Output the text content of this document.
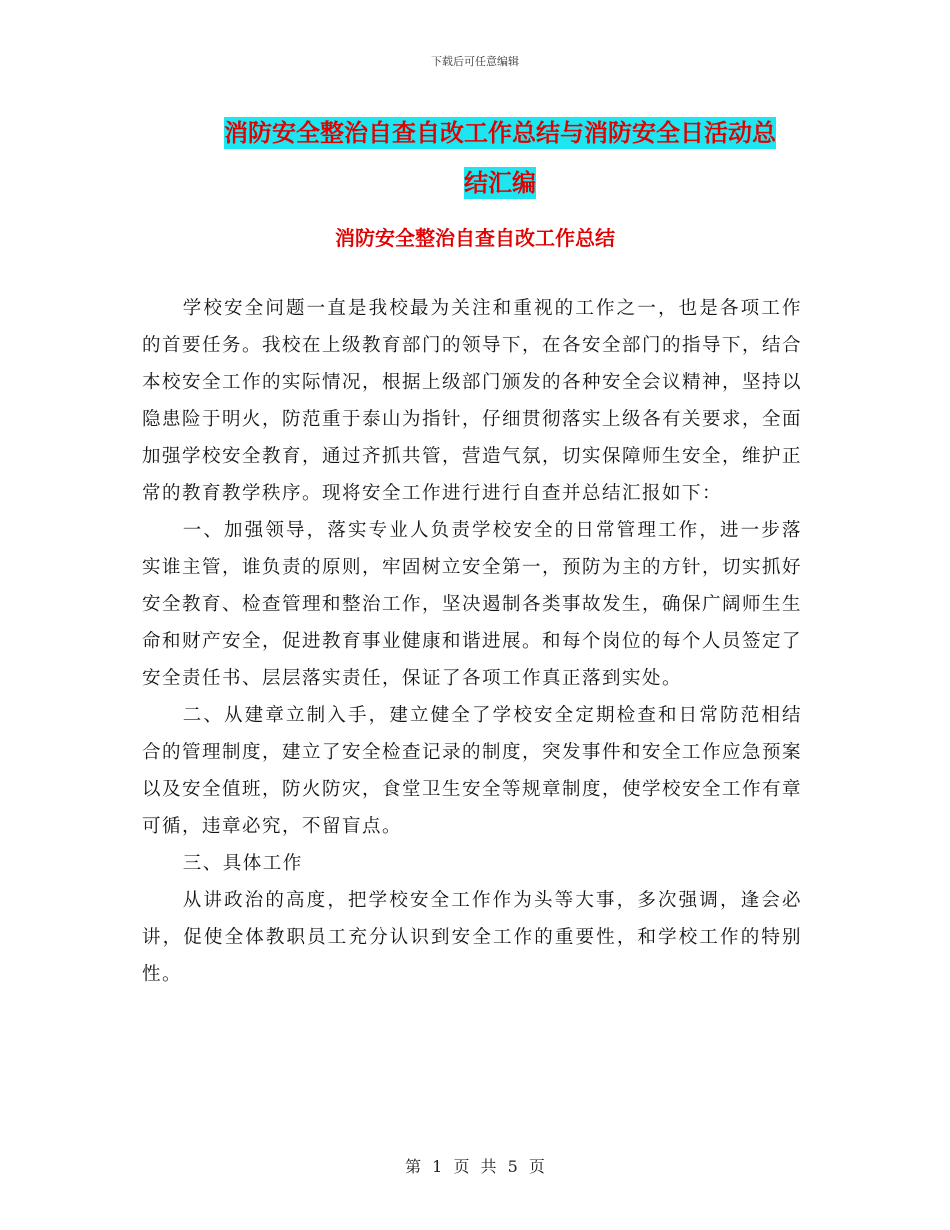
下载后可任意编辑
消防安全整治自查自改工作总结与消防安全日活动总
结汇编
消防安全整治自查自改工作总结

学校安全问题一直是我校最为关注和重视的工作之一，也是各项工作的首要任务。我校在上级教育部门的领导下，在各安全部门的指导下，结合本校安全工作的实际情况，根据上级部门颁发的各种安全会议精神，坚持以隐患险于明火，防范重于泰山为指针，仔细贯彻落实上级各有关要求，全面加强学校安全教育，通过齐抓共管，营造气氛，切实保障师生安全，维护正常的教育教学秩序。现将安全工作进行进行自查并总结汇报如下：

一、加强领导，落实专业人负责学校安全的日常管理工作，进一步落实谁主管，谁负责的原则，牢固树立安全第一，预防为主的方针，切实抓好安全教育、检查管理和整治工作，坚决遏制各类事故发生，确保广阔师生生命和财产安全，促进教育事业健康和谐进展。和每个岗位的每个人员签定了安全责任书、层层落实责任，保证了各项工作真正落到实处。

二、从建章立制入手，建立健全了学校安全定期检查和日常防范相结合的管理制度，建立了安全检查记录的制度，突发事件和安全工作应急预案以及安全值班，防火防灾，食堂卫生安全等规章制度，使学校安全工作有章可循，违章必究，不留盲点。

三、具体工作

从讲政治的高度，把学校安全工作作为头等大事，多次强调，逢会必讲，促使全体教职员工充分认识到安全工作的重要性，和学校工作的特别性。

第 1 页 共 5 页
